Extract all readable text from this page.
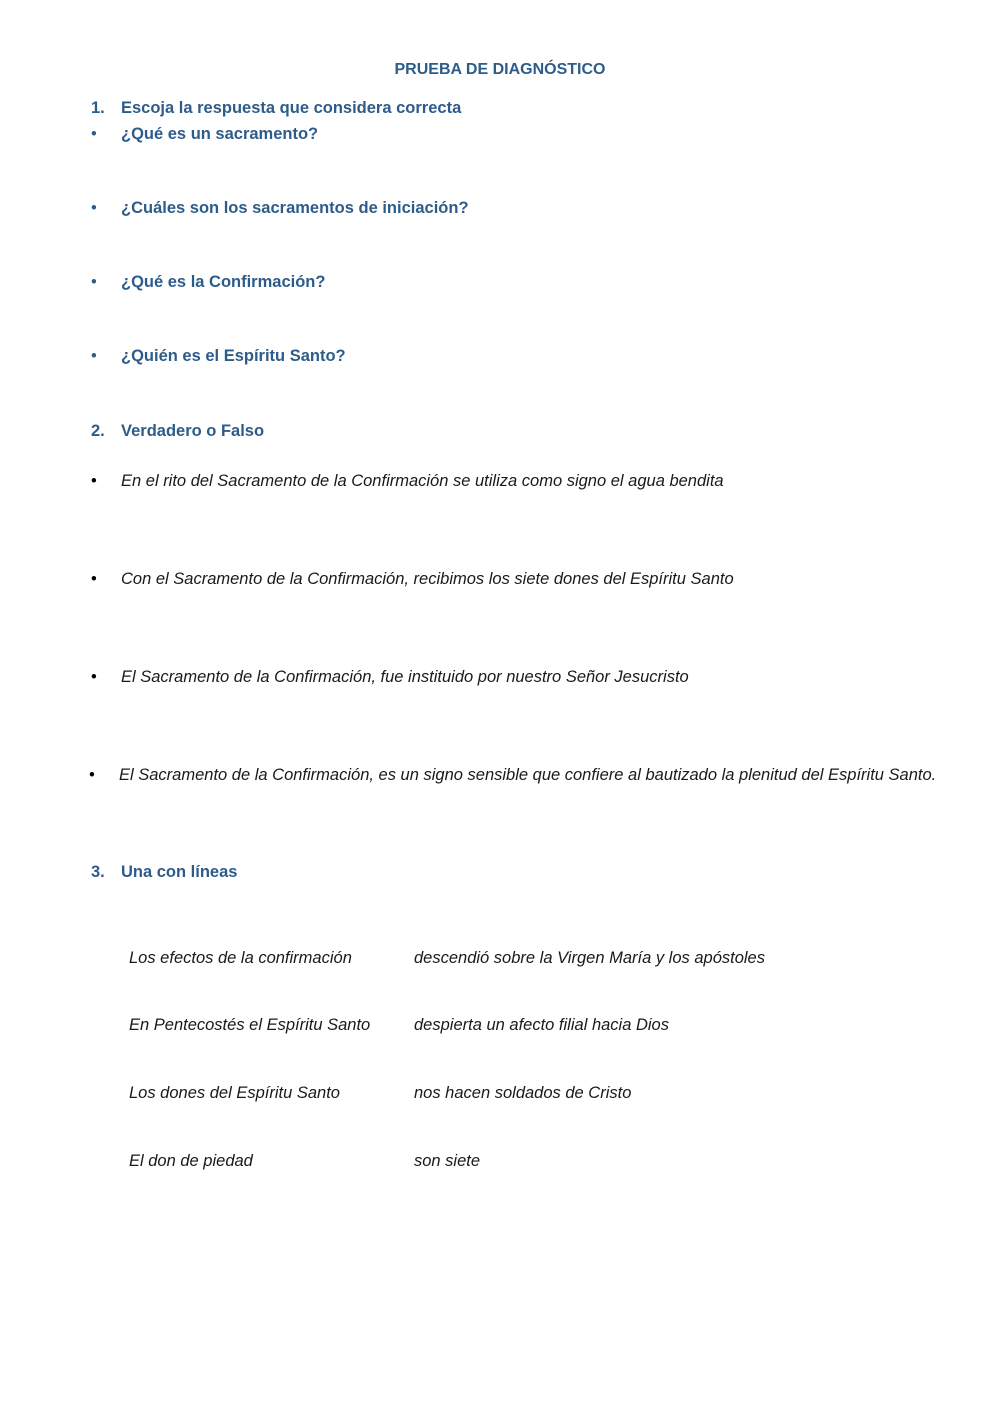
PRUEBA DE DIAGNÓSTICO
1. Escoja la respuesta que considera correcta
• ¿Qué es un sacramento?
• ¿Cuáles son los sacramentos de iniciación?
• ¿Qué es la Confirmación?
• ¿Quién es el Espíritu Santo?
2. Verdadero o Falso
• En el rito del Sacramento de la Confirmación se utiliza como signo el agua bendita
• Con el Sacramento de la Confirmación, recibimos los siete dones del Espíritu Santo
• El Sacramento de la Confirmación, fue instituido por nuestro Señor Jesucristo
• El Sacramento de la Confirmación, es un signo sensible que confiere al bautizado la plenitud del Espíritu Santo.
3. Una con líneas
Los efectos de la confirmación	descendió sobre la Virgen María y los apóstoles
En Pentecostés el Espíritu Santo	despierta un afecto filial hacia Dios
Los dones del Espíritu Santo	nos hacen soldados de Cristo
El don de piedad	son siete
